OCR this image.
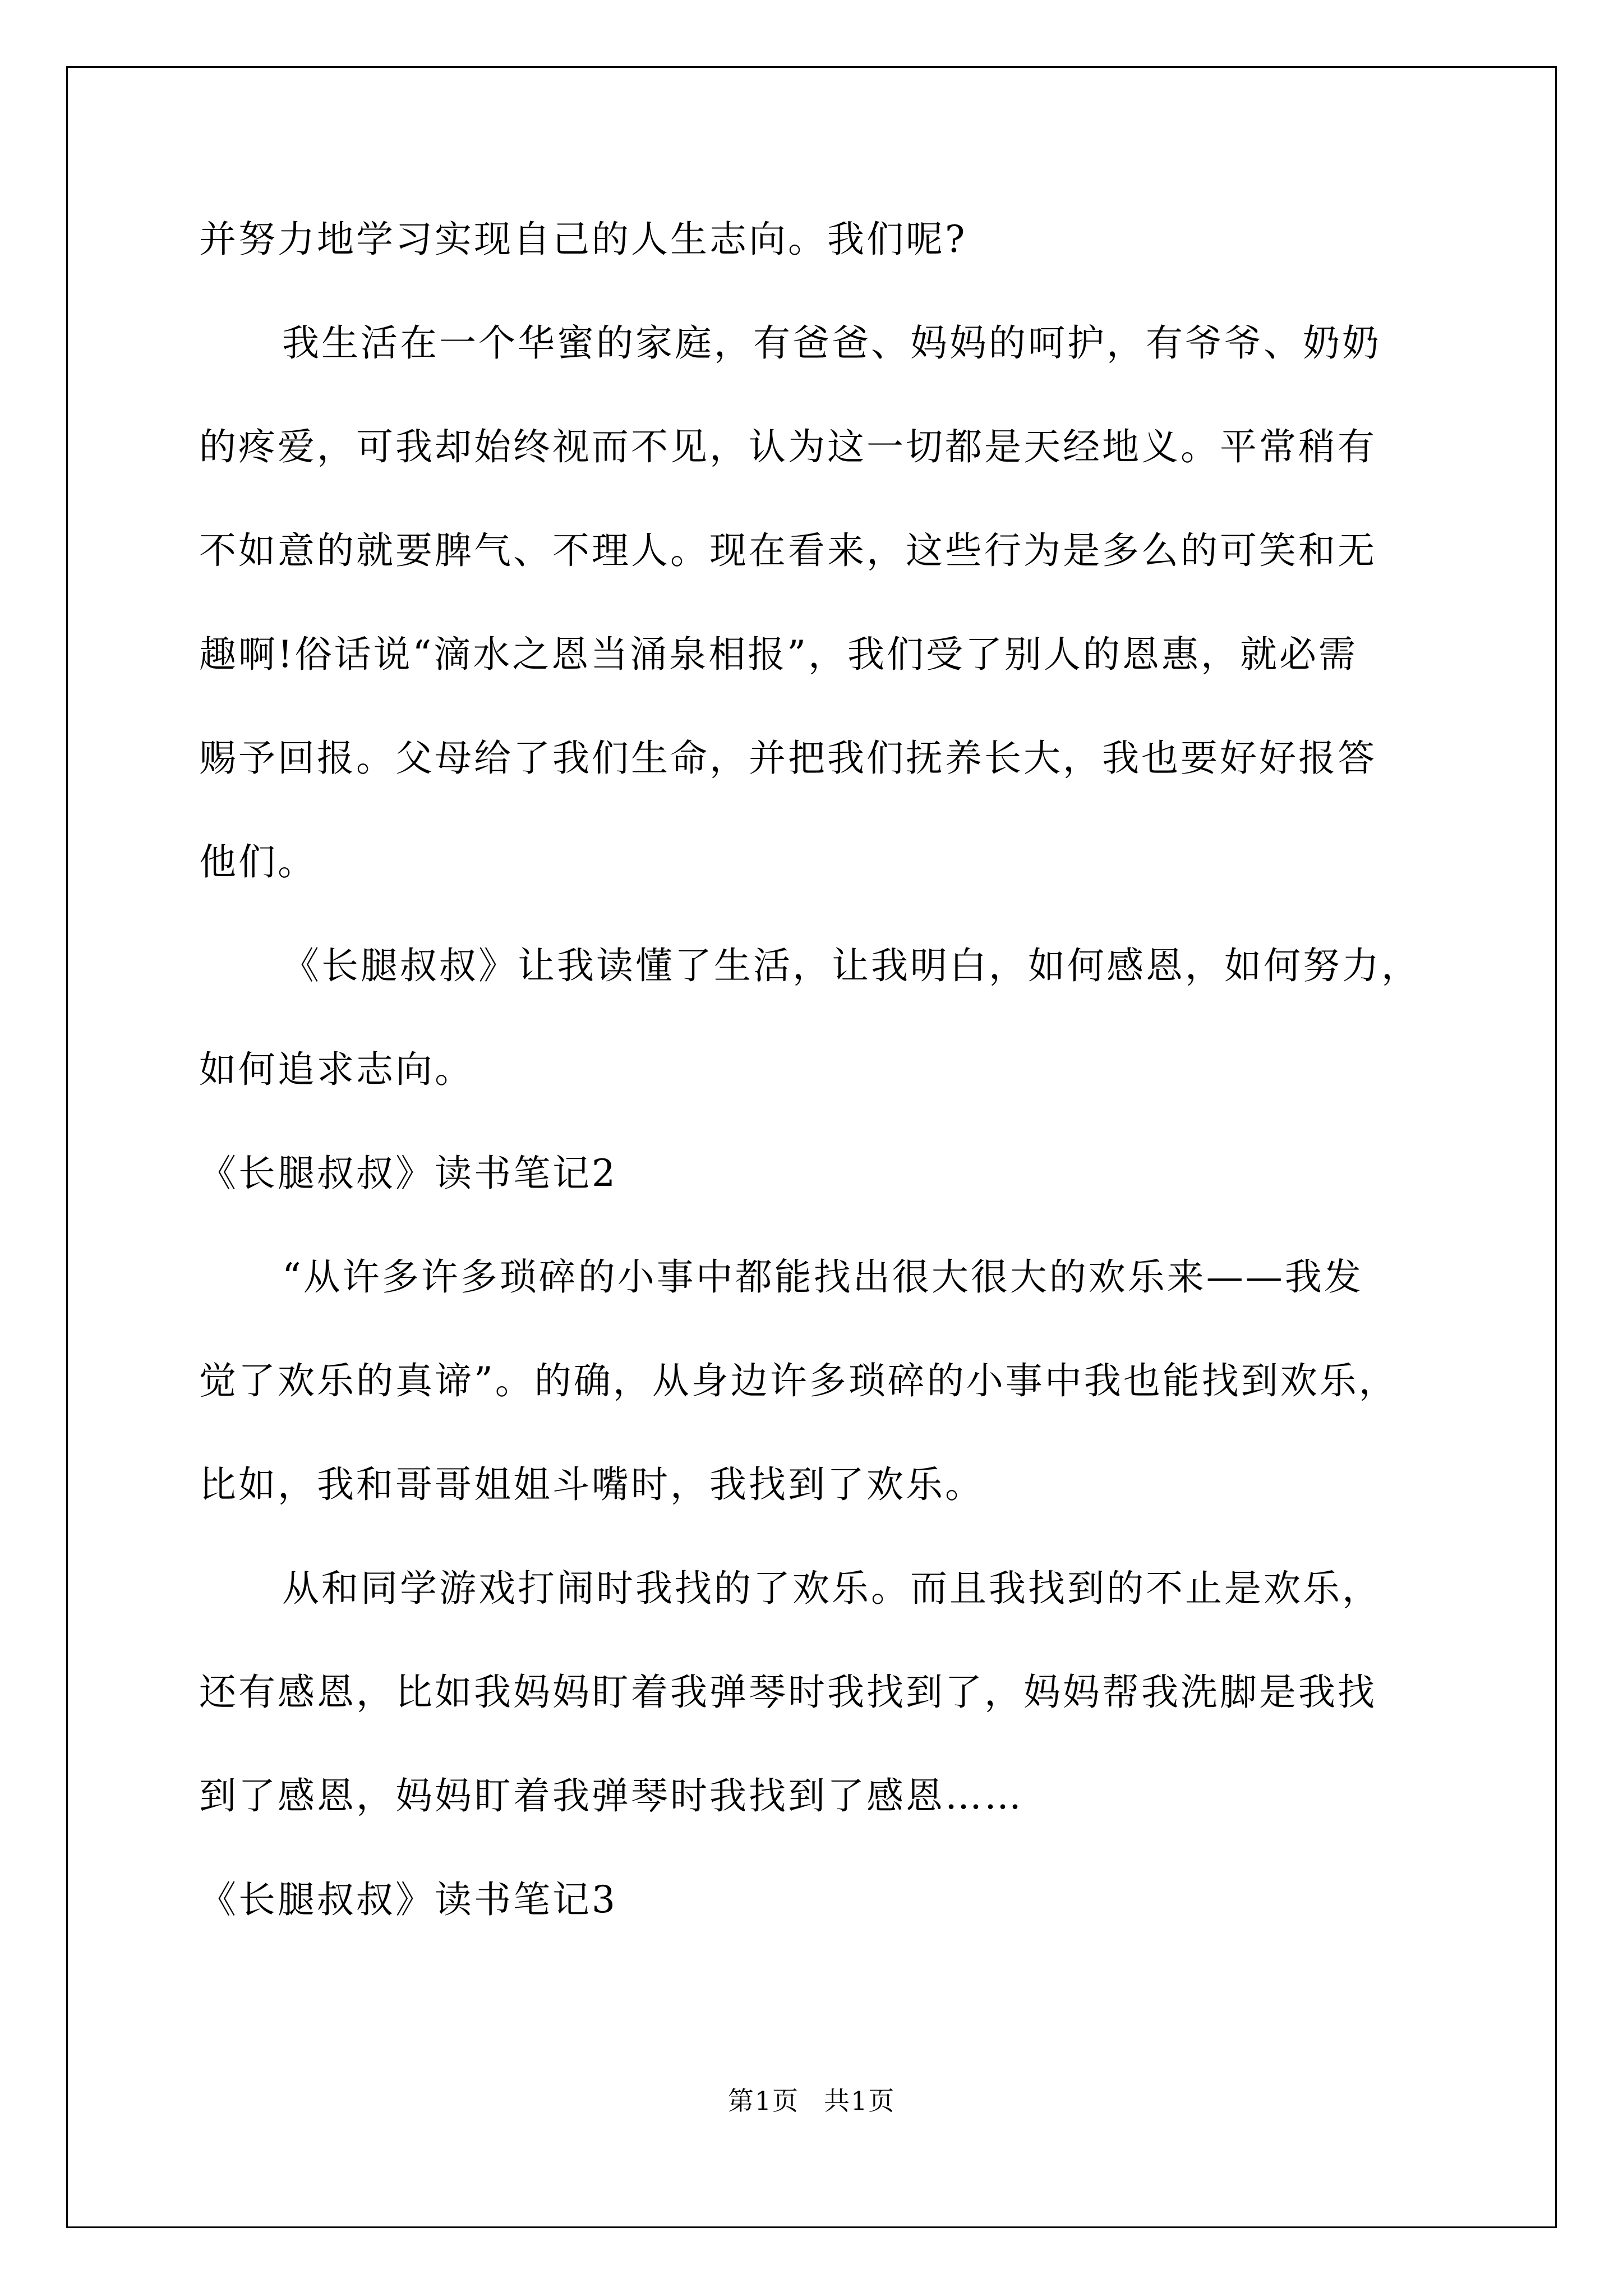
并努力地学习实现自己的人生志向。我们呢?

我生活在一个华蜜的家庭，有爸爸、妈妈的呵护，有爷爷、奶奶

的疼爱，可我却始终视而不见，认为这一切都是天经地义。平常稍有

不如意的就要脾气、不理人。现在看来，这些行为是多么的可笑和无

趣啊!俗话说“滴水之恩当涌泉相报”，我们受了别人的恩惠，就必需

赐予回报。父母给了我们生命，并把我们抚养长大，我也要好好报答

他们。

《长腿叔叔》让我读懂了生活，让我明白，如何感恩，如何努力，

如何追求志向。

《长腿叔叔》读书笔记2

“从许多许多琐碎的小事中都能找出很大很大的欢乐来——我发

觉了欢乐的真谛”。的确，从身边许多琐碎的小事中我也能找到欢乐，

比如，我和哥哥姐姐斗嘴时，我找到了欢乐。

从和同学游戏打闹时我找的了欢乐。而且我找到的不止是欢乐，

还有感恩，比如我妈妈盯着我弹琴时我找到了，妈妈帮我洗脚是我找

到了感恩，妈妈盯着我弹琴时我找到了感恩……

《长腿叔叔》读书笔记3

第1页 共1页
